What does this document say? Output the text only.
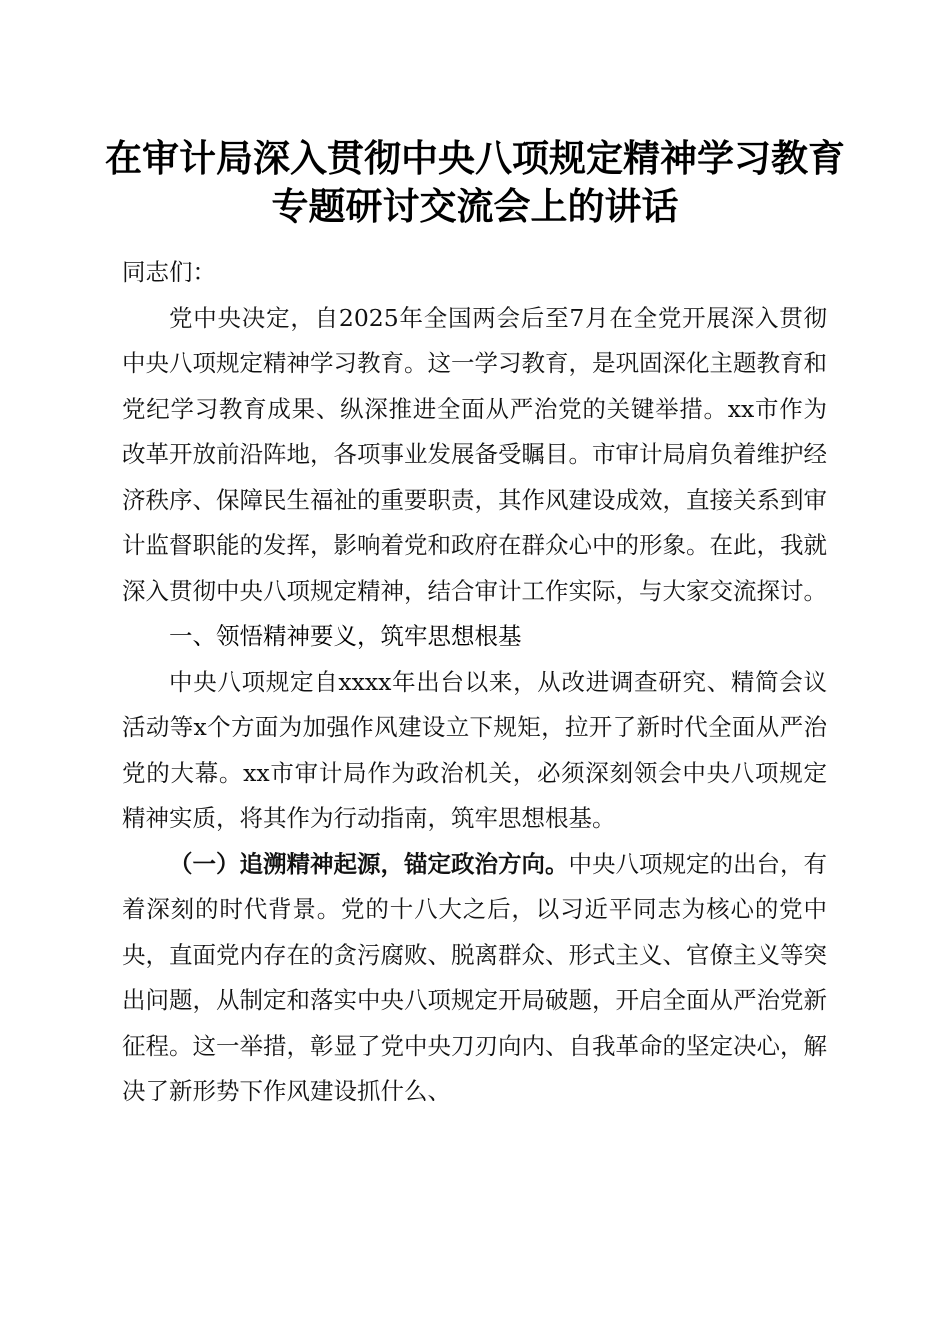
在审计局深入贯彻中央八项规定精神学习教育
专题研讨交流会上的讲话

同志们：

党中央决定，自2025年全国两会后至7月在全党开展深入贯彻中央八项规定精神学习教育。这一学习教育，是巩固深化主题教育和党纪学习教育成果、纵深推进全面从严治党的关键举措。xx市作为改革开放前沿阵地，各项事业发展备受瞩目。市审计局肩负着维护经济秩序、保障民生福祉的重要职责，其作风建设成效，直接关系到审计监督职能的发挥，影响着党和政府在群众心中的形象。在此，我就深入贯彻中央八项规定精神，结合审计工作实际，与大家交流探讨。

一、领悟精神要义，筑牢思想根基

中央八项规定自xxxx年出台以来，从改进调查研究、精简会议活动等x个方面为加强作风建设立下规矩，拉开了新时代全面从严治党的大幕。xx市审计局作为政治机关，必须深刻领会中央八项规定精神实质，将其作为行动指南，筑牢思想根基。

（一）追溯精神起源，锚定政治方向。中央八项规定的出台，有着深刻的时代背景。党的十八大之后，以习近平同志为核心的党中央，直面党内存在的贪污腐败、脱离群众、形式主义、官僚主义等突出问题，从制定和落实中央八项规定开局破题，开启全面从严治党新征程。这一举措，彰显了党中央刀刃向内、自我革命的坚定决心，解决了新形势下作风建设抓什么、
